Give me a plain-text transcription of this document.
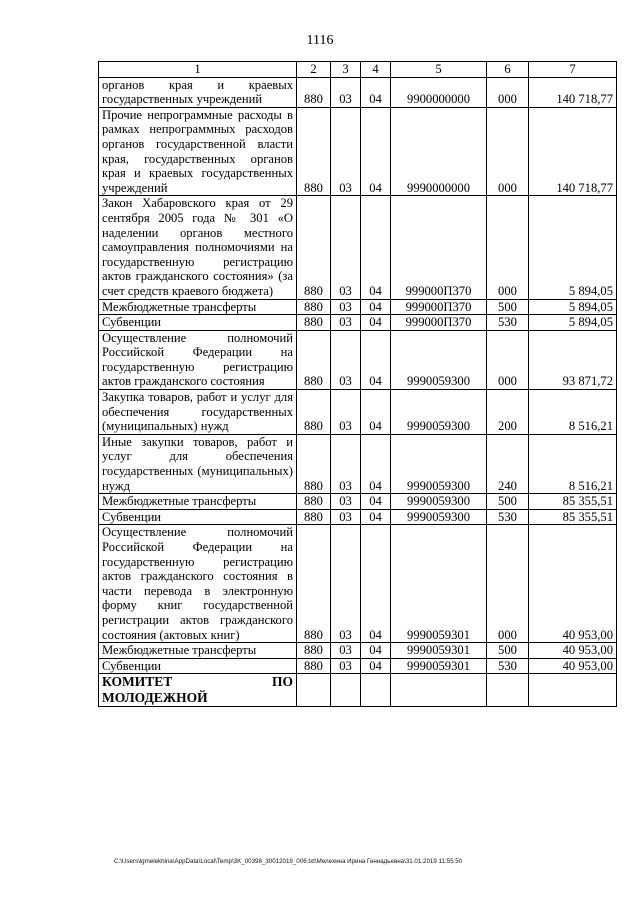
1116
1	2	3	4	5	6	7
органов края и краевых государственных учреждений	880	03	04	9900000000	000	140 718,77
Прочие непрограммные расходы в рамках непрограммных расходов органов государственной власти края, государственных органов края и краевых государственных учреждений	880	03	04	9990000000	000	140 718,77
Закон Хабаровского края от 29 сентября 2005 года № 301 «О наделении органов местного самоуправления полномочиями на государственную регистрацию актов гражданского состояния» (за счет средств краевого бюджета)	880	03	04	999000П370	000	5 894,05
Межбюджетные трансферты	880	03	04	999000П370	500	5 894,05
Субвенции	880	03	04	999000П370	530	5 894,05
Осуществление полномочий Российской Федерации на государственную регистрацию актов гражданского состояния	880	03	04	9990059300	000	93 871,72
Закупка товаров, работ и услуг для обеспечения государственных (муниципальных) нужд	880	03	04	9990059300	200	8 516,21
Иные закупки товаров, работ и услуг для обеспечения государственных (муниципальных) нужд	880	03	04	9990059300	240	8 516,21
Межбюджетные трансферты	880	03	04	9990059300	500	85 355,51
Субвенции	880	03	04	9990059300	530	85 355,51
Осуществление полномочий Российской Федерации на государственную регистрацию актов гражданского состояния в части перевода в электронную форму книг государственной регистрации актов гражданского состояния (актовых книг)	880	03	04	9990059301	000	40 953,00
Межбюджетные трансферты	880	03	04	9990059301	500	40 953,00
Субвенции	880	03	04	9990059301	530	40 953,00
КОМИТЕТ ПО МОЛОДЕЖНОЙ						
C:\Users\lgmelekhina\AppData\Local\Temp\3K_00398_30012019_006.txt\Мелехина Ирина Геннадьевна\31.01.2019 11:55:50
